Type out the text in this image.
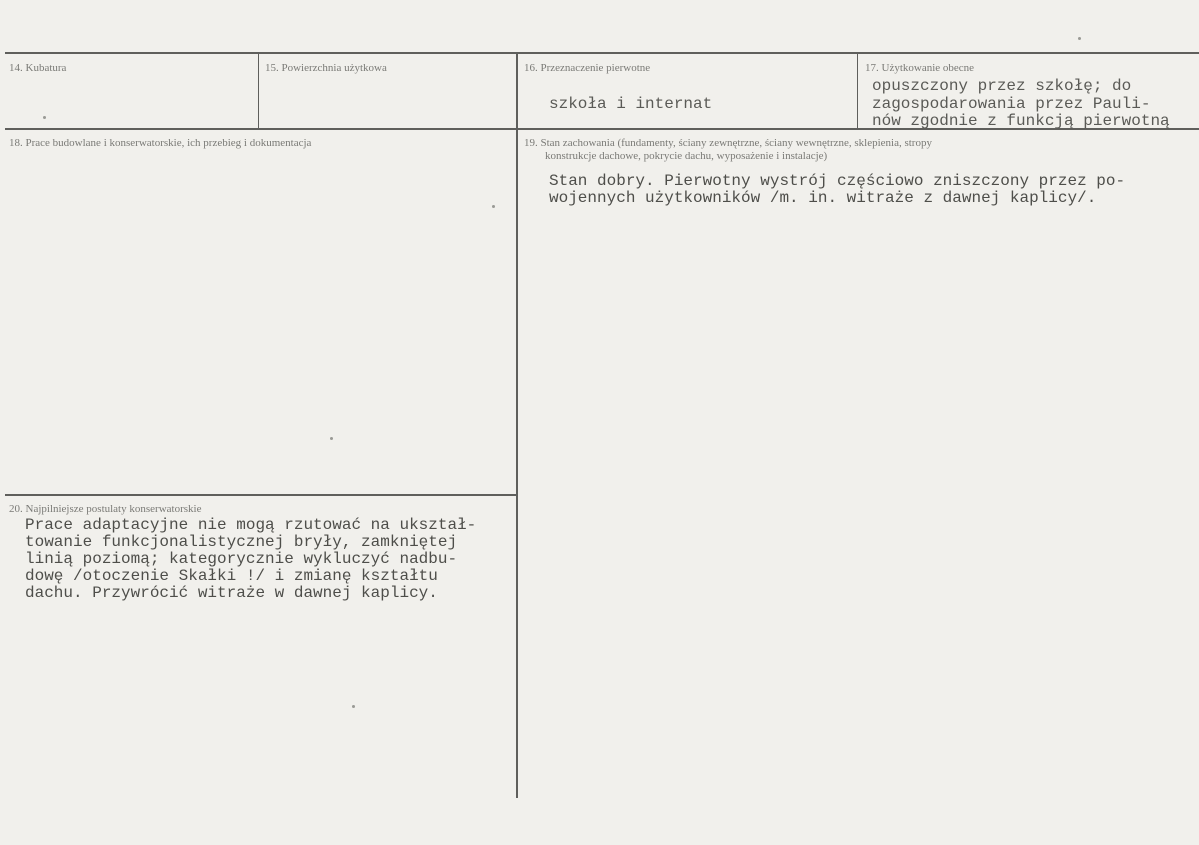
14. Kubatura	15. Powierzchnia użytkowa	16. Przeznaczenie pierwotne
szkoła i internat
17. Użytkowanie obecne
opuszczony przez szkołę; do
zagospodarowania przez Pauli-
nów zgodnie z funkcją pierwotną
18. Prace budowlane i konserwatorskie, ich przebieg i dokumentacja	19. Stan zachowania (fundamenty, ściany zewnętrzne, ściany wewnętrzne, sklepienia, stropy
konstrukcje dachowe, pokrycie dachu, wyposażenie i instalacje)
Stan dobry. Pierwotny wystrój częściowo zniszczony przez po-
wojennych użytkowników /m. in. witraże z dawnej kaplicy/.
20. Najpilniejsze postulaty konserwatorskie
Prace adaptacyjne nie mogą rzutować na ukształ-
towanie funkcjonalistycznej bryły, zamkniętej
linią poziomą; kategorycznie wykluczyć nadbu-
dowę /otoczenie Skałki !/ i zmianę kształtu
dachu. Przywrócić witraże w dawnej kaplicy.
